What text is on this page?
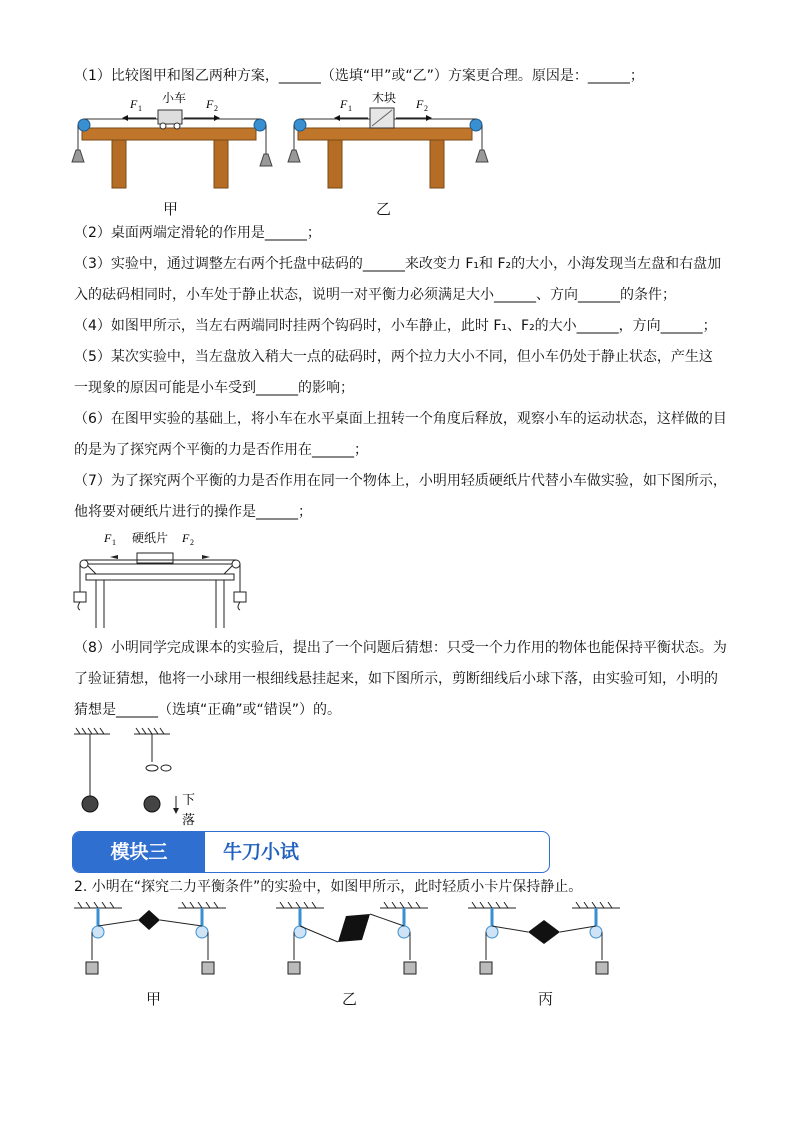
（1）比较图甲和图乙两种方案，______（选填“甲”或“乙”）方案更合理。原因是：______；
小车	木块
F 1	F 2	F 1	F 2
甲	乙
（2）桌面两端定滑轮的作用是______；
（3）实验中，通过调整左右两个托盘中砝码的______来改变力 F₁和 F₂的大小，小海发现当左盘和右盘加
入的砝码相同时，小车处于静止状态，说明一对平衡力必须满足大小______、方向______的条件；
（4）如图甲所示，当左右两端同时挂两个钩码时，小车静止，此时 F₁、F₂的大小______，方向______；
（5）某次实验中，当左盘放入稍大一点的砝码时，两个拉力大小不同，但小车仍处于静止状态，产生这
一现象的原因可能是小车受到______的影响；
（6）在图甲实验的基础上，将小车在水平桌面上扭转一个角度后释放，观察小车的运动状态，这样做的目
的是为了探究两个平衡的力是否作用在______；
（7）为了探究两个平衡的力是否作用在同一个物体上，小明用轻质硬纸片代替小车做实验，如下图所示，
他将要对硬纸片进行的操作是______；
F 1 硬纸片 F 2
（8）小明同学完成课本的实验后，提出了一个问题后猜想：只受一个力作用的物体也能保持平衡状态。为
了验证猜想，他将一小球用一根细线悬挂起来，如下图所示，剪断细线后小球下落，由实验可知，小明的
猜想是______（选填“正确”或“错误”）的。
下
落
模块三	牛刀小试
2. 小明在“探究二力平衡条件”的实验中，如图甲所示，此时轻质小卡片保持静止。
甲	乙	丙
